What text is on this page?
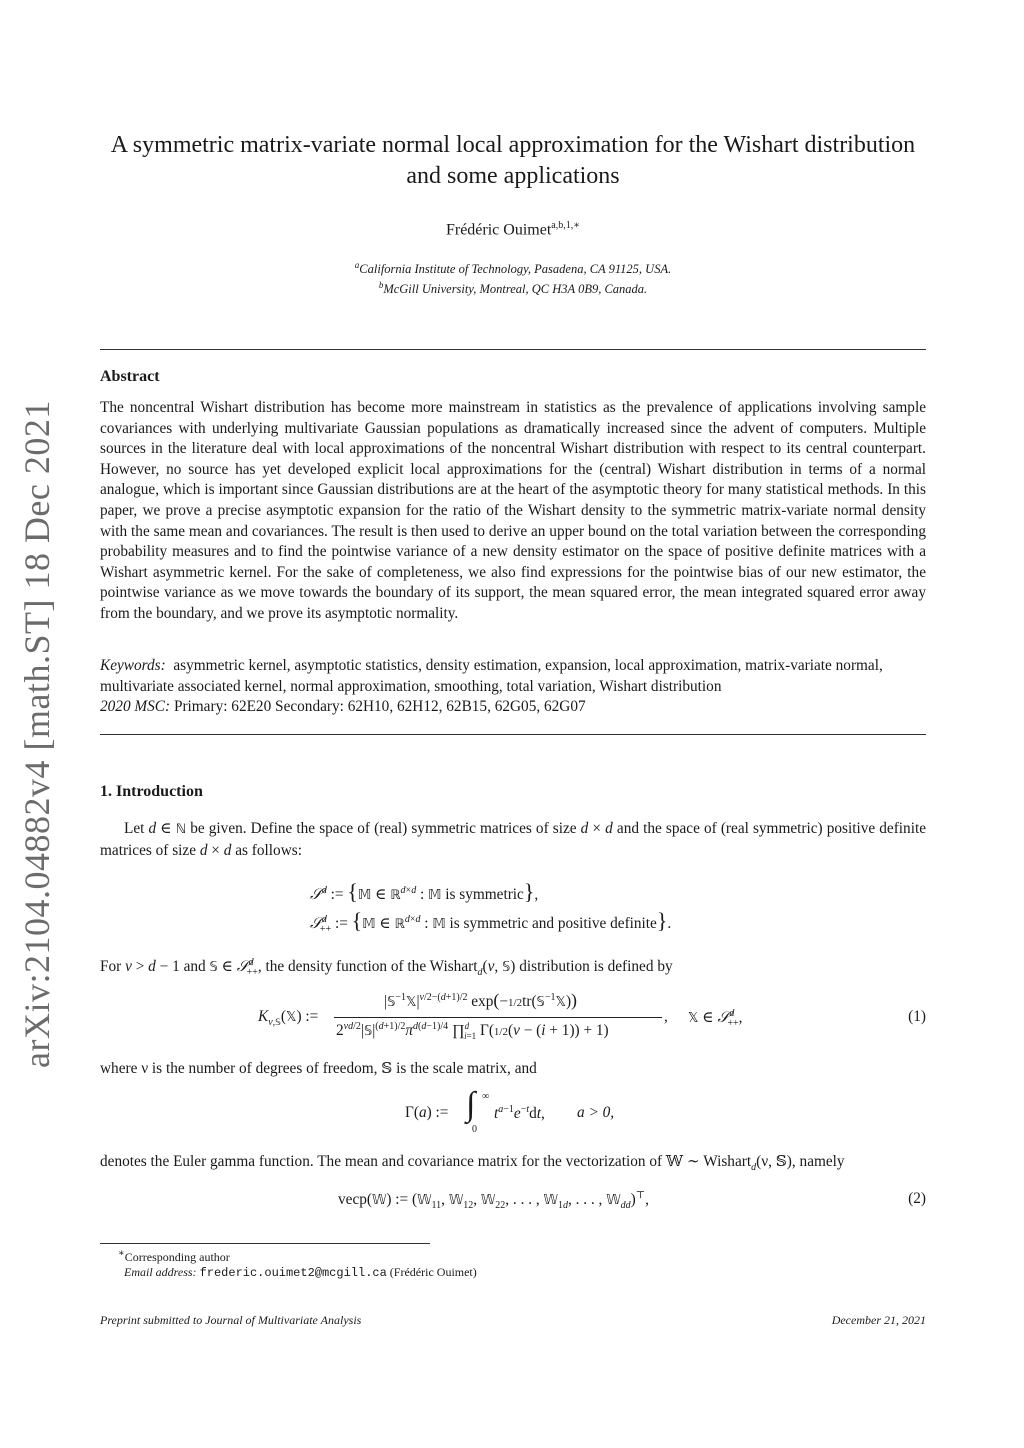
arXiv:2104.04882v4 [math.ST] 18 Dec 2021
A symmetric matrix-variate normal local approximation for the Wishart distribution
and some applications
Frédéric Ouimet$^{a,b,1,∗}$
$^a$California Institute of Technology, Pasadena, CA 91125, USA.
$^b$McGill University, Montreal, QC H3A 0B9, Canada.
Abstract
The noncentral Wishart distribution has become more mainstream in statistics as the prevalence of applications involving sample covariances with underlying multivariate Gaussian populations as dramatically increased since the advent of computers. Multiple sources in the literature deal with local approximations of the noncentral Wishart distribution with respect to its central counterpart. However, no source has yet developed explicit local approximations for the (central) Wishart distribution in terms of a normal analogue, which is important since Gaussian distributions are at the heart of the asymptotic theory for many statistical methods. In this paper, we prove a precise asymptotic expansion for the ratio of the Wishart density to the symmetric matrix-variate normal density with the same mean and covariances. The result is then used to derive an upper bound on the total variation between the corresponding probability measures and to find the pointwise variance of a new density estimator on the space of positive definite matrices with a Wishart asymmetric kernel. For the sake of completeness, we also find expressions for the pointwise bias of our new estimator, the pointwise variance as we move towards the boundary of its support, the mean squared error, the mean integrated squared error away from the boundary, and we prove its asymptotic normality.
Keywords: asymmetric kernel, asymptotic statistics, density estimation, expansion, local approximation, matrix-variate normal, multivariate associated kernel, normal approximation, smoothing, total variation, Wishart distribution
2020 MSC: Primary: 62E20 Secondary: 62H10, 62H12, 62B15, 62G05, 62G07
1. Introduction
Let d ∈ ℕ be given. Define the space of (real) symmetric matrices of size d × d and the space of (real symmetric) positive definite matrices of size d × d as follows:
𝒮$^d$ := {𝕄 ∈ ℝ$^{d\times d}$ : 𝕄 is symmetric},
𝒮$^d_{++}$ := {𝕄 ∈ ℝ$^{d\times d}$ : 𝕄 is symmetric and positive definite}.
For ν > d − 1 and 𝕊 ∈ 𝒮$^d_{++}$, the density function of the Wishart$_d$(ν, 𝕊) distribution is defined by
$K_{\nu,𝕊}(𝕏)$ :=
$|𝕊^{-1}𝕏|^{\nu/2-(d+1)/2}$ exp(−1/2tr(𝕊$^{-1}$𝕏))
$2^{\nu d/2}|𝕊|^{(d+1)/2}\pi^{d(d-1)/4}$ ∏$^d_{i=1}$ Γ(1/2(ν − (i + 1)) + 1)
, 𝕏 ∈ 𝒮$^d_{++}$,	(1)
where ν is the number of degrees of freedom, 𝕊 is the scale matrix, and
Γ(a) := ∫ ∞
0
$t^{a-1}e^{-t}dt$, a > 0,
denotes the Euler gamma function. The mean and covariance matrix for the vectorization of 𝕎 ∼ Wishart$_d$(ν, 𝕊), namely
vecp(𝕎) := (𝕎$_{11}$, 𝕎$_{12}$, 𝕎$_{22}$, . . . , 𝕎$_{1d}$, . . . , 𝕎$_{dd}$)⊤,	(2)
∗Corresponding author
Email address: frederic.ouimet2@mcgill.ca (Frédéric Ouimet)
Preprint submitted to Journal of Multivariate Analysis	December 21, 2021
